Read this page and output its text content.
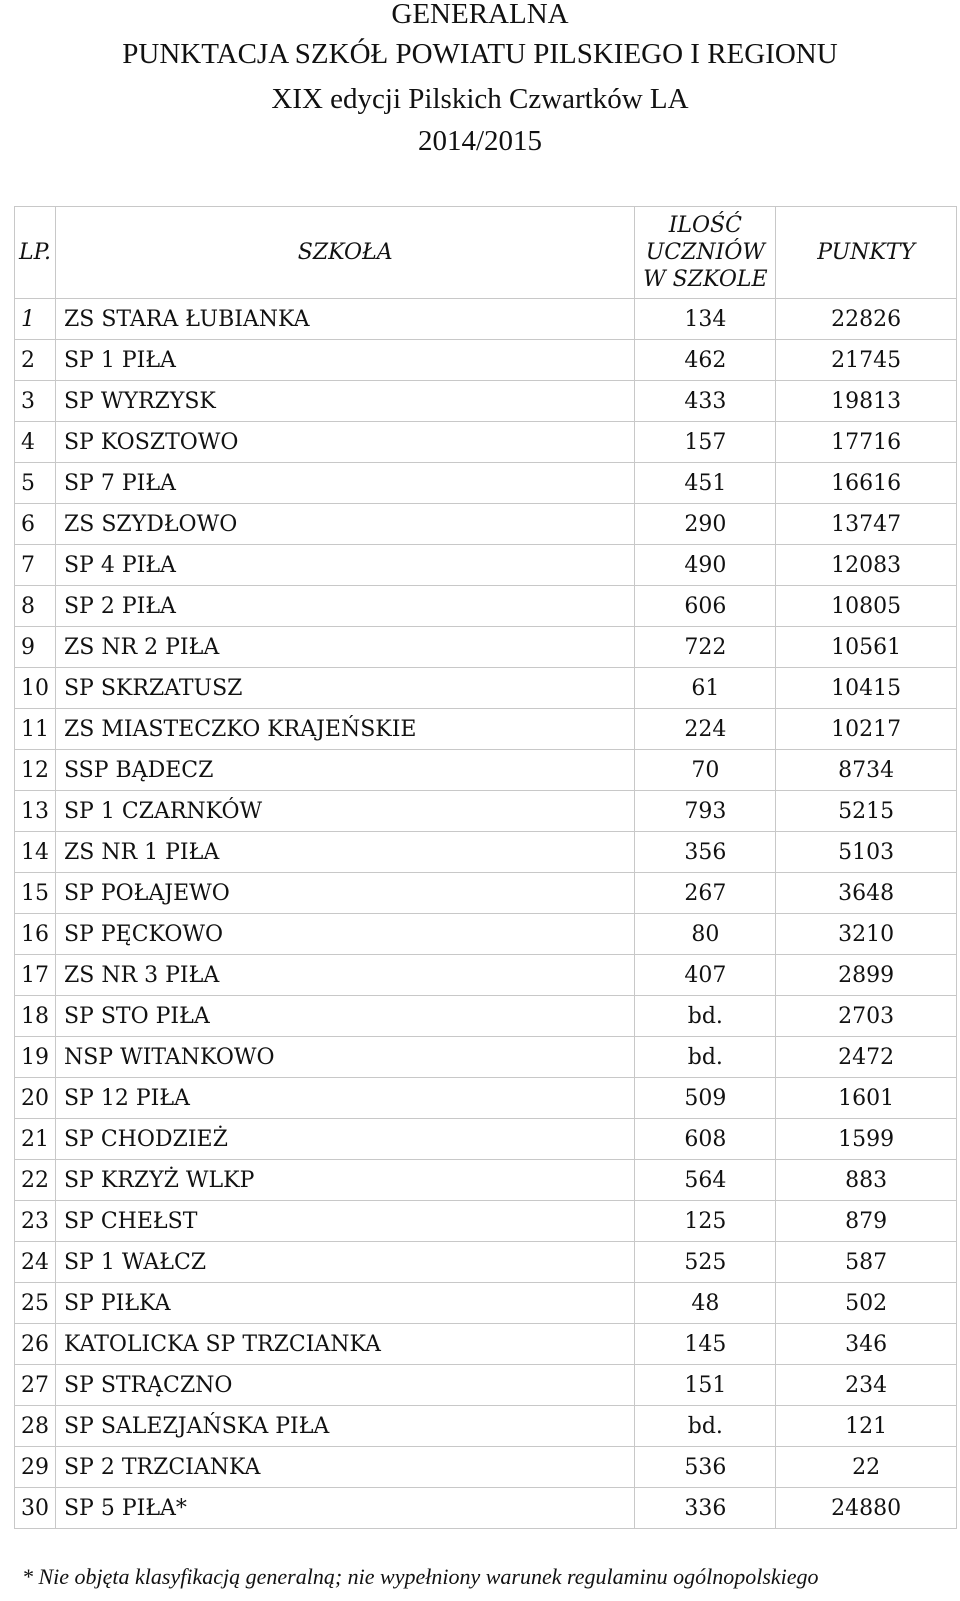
GENERALNA
PUNKTACJA SZKÓŁ POWIATU PILSKIEGO I REGIONU
XIX edycji Pilskich Czwartków LA
2014/2015
LP.	SZKOŁA	ILOŚĆ
UCZNIÓW
W SZKOLE	PUNKTY
1	ZS STARA ŁUBIANKA	134	22826
2	SP 1 PIŁA	462	21745
3	SP WYRZYSK	433	19813
4	SP KOSZTOWO	157	17716
5	SP 7 PIŁA	451	16616
6	ZS SZYDŁOWO	290	13747
7	SP 4 PIŁA	490	12083
8	SP 2 PIŁA	606	10805
9	ZS NR 2 PIŁA	722	10561
10	SP SKRZATUSZ	61	10415
11	ZS MIASTECZKO KRAJEŃSKIE	224	10217
12	SSP BĄDECZ	70	8734
13	SP 1 CZARNKÓW	793	5215
14	ZS NR 1 PIŁA	356	5103
15	SP POŁAJEWO	267	3648
16	SP PĘCKOWO	80	3210
17	ZS NR 3 PIŁA	407	2899
18	SP STO PIŁA	bd.	2703
19	NSP WITANKOWO	bd.	2472
20	SP 12 PIŁA	509	1601
21	SP CHODZIEŻ	608	1599
22	SP KRZYŻ WLKP	564	883
23	SP CHEŁST	125	879
24	SP 1 WAŁCZ	525	587
25	SP PIŁKA	48	502
26	KATOLICKA SP TRZCIANKA	145	346
27	SP STRĄCZNO	151	234
28	SP SALEZJAŃSKA PIŁA	bd.	121
29	SP 2 TRZCIANKA	536	22
30	SP 5 PIŁA*	336	24880
* Nie objęta klasyfikacją generalną; nie wypełniony warunek regulaminu ogólnopolskiego
